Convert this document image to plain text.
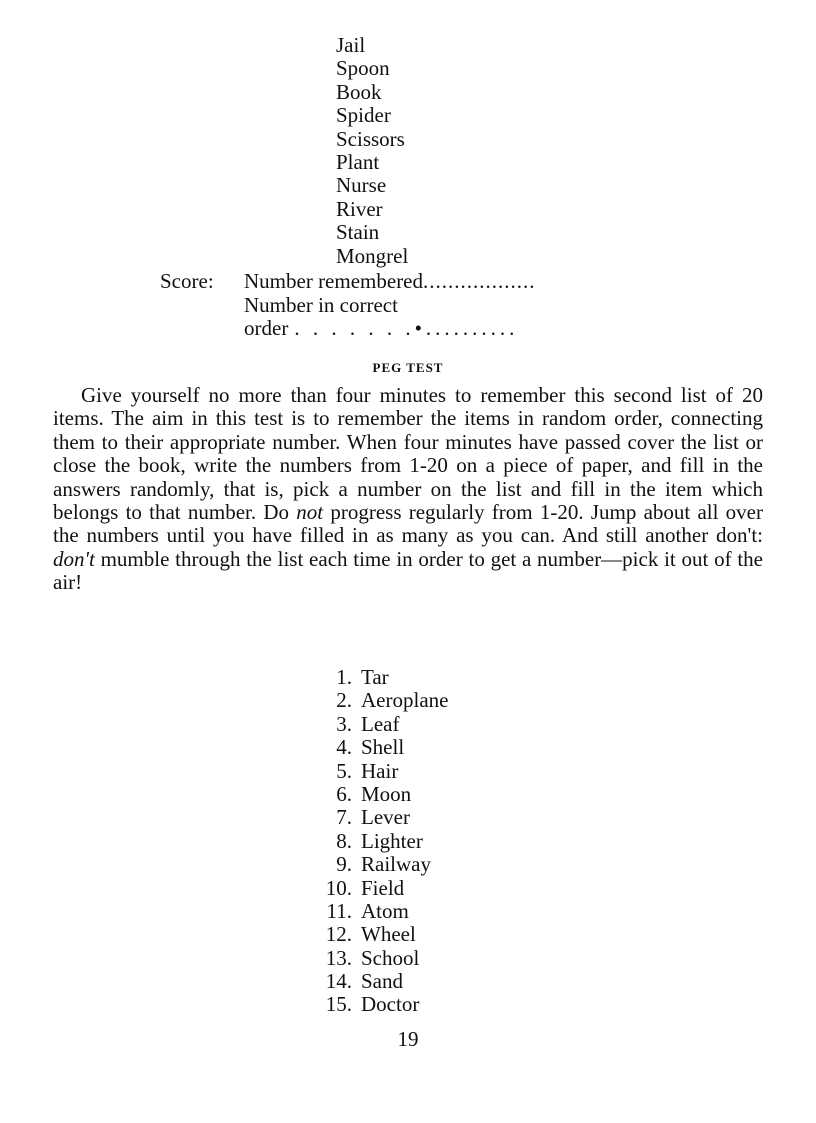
Jail
Spoon
Book
Spider
Scissors
Plant
Nurse
River
Stain
Mongrel
Score: Number remembered..................
Number in correct
order . . . . . . .•..........
PEG TEST

Give yourself no more than four minutes to remember this second list of 20 items. The aim in this test is to remember the items in random order, connecting them to their appropriate number. When four minutes have passed cover the list or close the book, write the numbers from 1-20 on a piece of paper, and fill in the answers randomly, that is, pick a number on the list and fill in the item which belongs to that number. Do not progress regularly from 1-20. Jump about all over the numbers until you have filled in as many as you can. And still another don't: don't mumble through the list each time in order to get a number—pick it out of the air!

1. Tar
2. Aeroplane
3. Leaf
4. Shell
5. Hair
6. Moon
7. Lever
8. Lighter
9. Railway
10. Field
11. Atom
12. Wheel
13. School
14. Sand
15. Doctor
19
